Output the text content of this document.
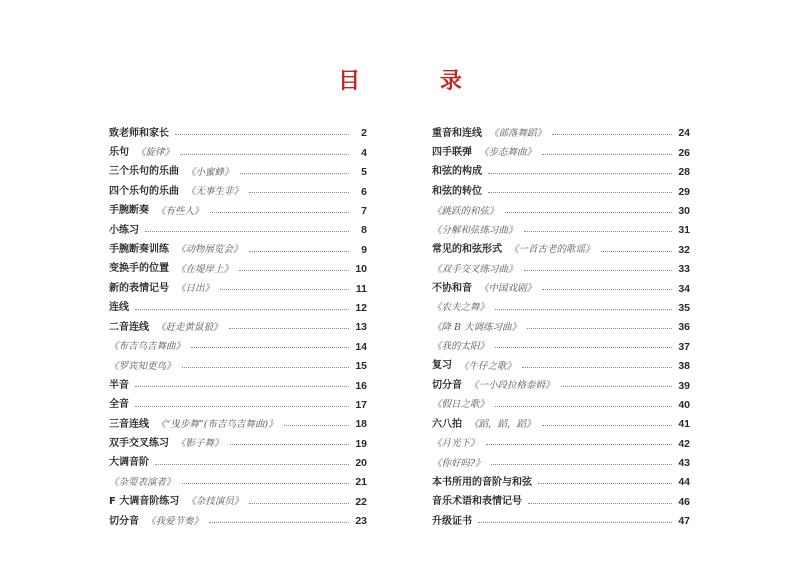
目 录
致老师和家长	2
乐句 《旋律》	4
三个乐句的乐曲 《小蜜蜂》	5
四个乐句的乐曲 《无事生非》	6
手腕断奏 《有些人》	7
小练习	8
手腕断奏训练 《动物展览会》	9
变换手的位置 《在堤岸上》	10
新的表情记号 《日出》	11
连线	12
二音连线 《赶走黄鼠狼》	13
《布吉乌吉舞曲》	14
《罗宾知更鸟》	15
半音	16
全音	17
三音连线 《“曳步舞”(布吉乌吉舞曲)》	18
双手交叉练习 《影子舞》	19
大调音阶	20
《杂耍表演者》	21
F 大调音阶练习 《杂技演员》	22
切分音 《我爱节奏》	23
重音和连线 《部落舞蹈》	24
四手联弹 《步态舞曲》	26
和弦的构成	28
和弦的转位	29
《跳跃的和弦》	30
《分解和弦练习曲》	31
常见的和弦形式 《一首古老的歌谣》	32
《双手交叉练习曲》	33
不协和音 《中国戏剧》	34
《农夫之舞》	35
《降 B 大调练习曲》	36
《我的太阳》	37
复习 《牛仔之歌》	38
切分音 《一小段拉格泰姆》	39
《假日之歌》	40
六八拍 《蹈，蹈，蹈》	41
《月光下》	42
《你好吗?》	43
本书所用的音阶与和弦	44
音乐术语和表情记号	46
升级证书	47
